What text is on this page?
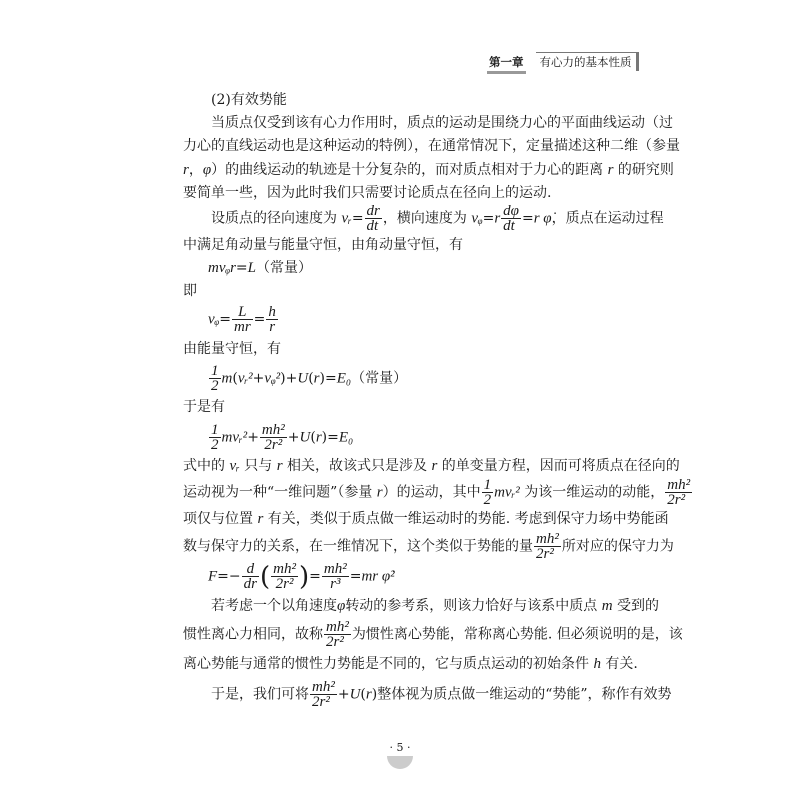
第一章 有心力的基本性质
(2)有效势能
当质点仅受到该有心力作用时，质点的运动是围绕力心的平面曲线运动（过
力心的直线运动也是这种运动的特例），在通常情况下，定量描述这种二维（参量
r，φ）的曲线运动的轨迹是十分复杂的，而对质点相对于力心的距离 r 的研究则
要简单一些，因为此时我们只需要讨论质点在径向上的运动.
设质点的径向速度为 vᵣ= $\frac{dr}{dt}$ ，横向速度为 vᵩ=r $\frac{d\varphi}{dt} =r$ φ̇，质点在运动过程
中满足角动量与能量守恒，由角动量守恒，有
mvᵩr=L（常量）
即
vᵩ= $\frac{L}{mr} = \frac{h}{r}$
由能量守恒，有
$\frac{1}{2}$ m(vᵣ²+vᵩ²)+U(r)=E₀（常量）
于是有
$\frac{1}{2}$ mvᵣ²+ $\frac{\text{mh²}}{\text{2r²}} +U(r)=E_0$
式中的 vᵣ 只与 r 相关，故该式只是涉及 r 的单变量方程，因而可将质点在径向的
运动视为一种“一维问题”（参量 r）的运动，其中 $\frac{1}{2}$ mvᵣ² 为该一维运动的动能， $\frac{\text{mh²}}{\text{2r²}}$
项仅与位置 r 有关，类似于质点做一维运动时的势能. 考虑到保守力场中势能函
数与保守力的关系，在一维情况下，这个类似于势能的量 $\frac{\text{mh²}}{\text{2r²}}$ 所对应的保守力为
$F=- \frac{d}{dr}$ ( $\frac{\text{mh²}}{\text{2r²}}$ )= $\frac{\text{mh²}}{\text{r³}} =mr$ φ̇²
若考虑一个以角速度φ̇转动的参考系，则该力恰好与该系中质点 m 受到的
惯性离心力相同，故称 $\frac{\text{mh²}}{\text{2r²}}$ 为惯性离心势能，常称离心势能. 但必须说明的是，该
离心势能与通常的惯性力势能是不同的，它与质点运动的初始条件 h 有关.
于是，我们可将 $\frac{\text{mh²}}{\text{2r²}} +U(r)$整体视为质点做一维运动的“势能”，称作有效势
· 5 ·
